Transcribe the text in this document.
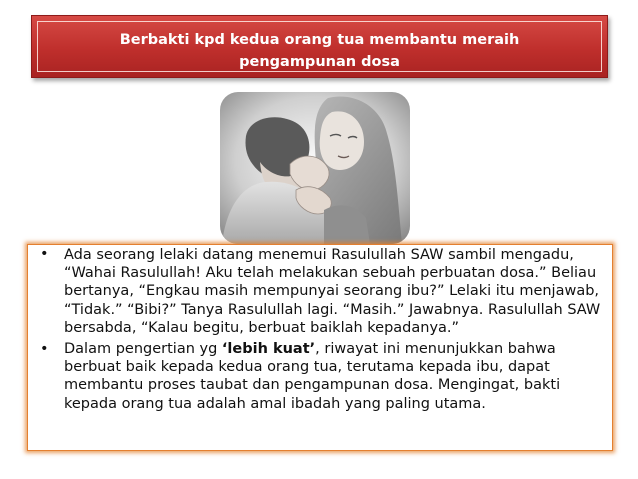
Berbakti kpd kedua orang tua membantu meraih
pengampunan dosa
• Ada seorang lelaki datang menemui Rasulullah SAW sambil mengadu, “Wahai Rasulullah! Aku telah melakukan sebuah perbuatan dosa.” Beliau bertanya, “Engkau masih mempunyai seorang ibu?” Lelaki itu menjawab, “Tidak.” “Bibi?” Tanya Rasulullah lagi. “Masih.” Jawabnya. Rasulullah SAW bersabda, “Kalau begitu, berbuat baiklah kepadanya.”
• Dalam pengertian yg ‘lebih kuat’, riwayat ini menunjukkan bahwa berbuat baik kepada kedua orang tua, terutama kepada ibu, dapat membantu proses taubat dan pengampunan dosa. Mengingat, bakti kepada orang tua adalah amal ibadah yang paling utama.
